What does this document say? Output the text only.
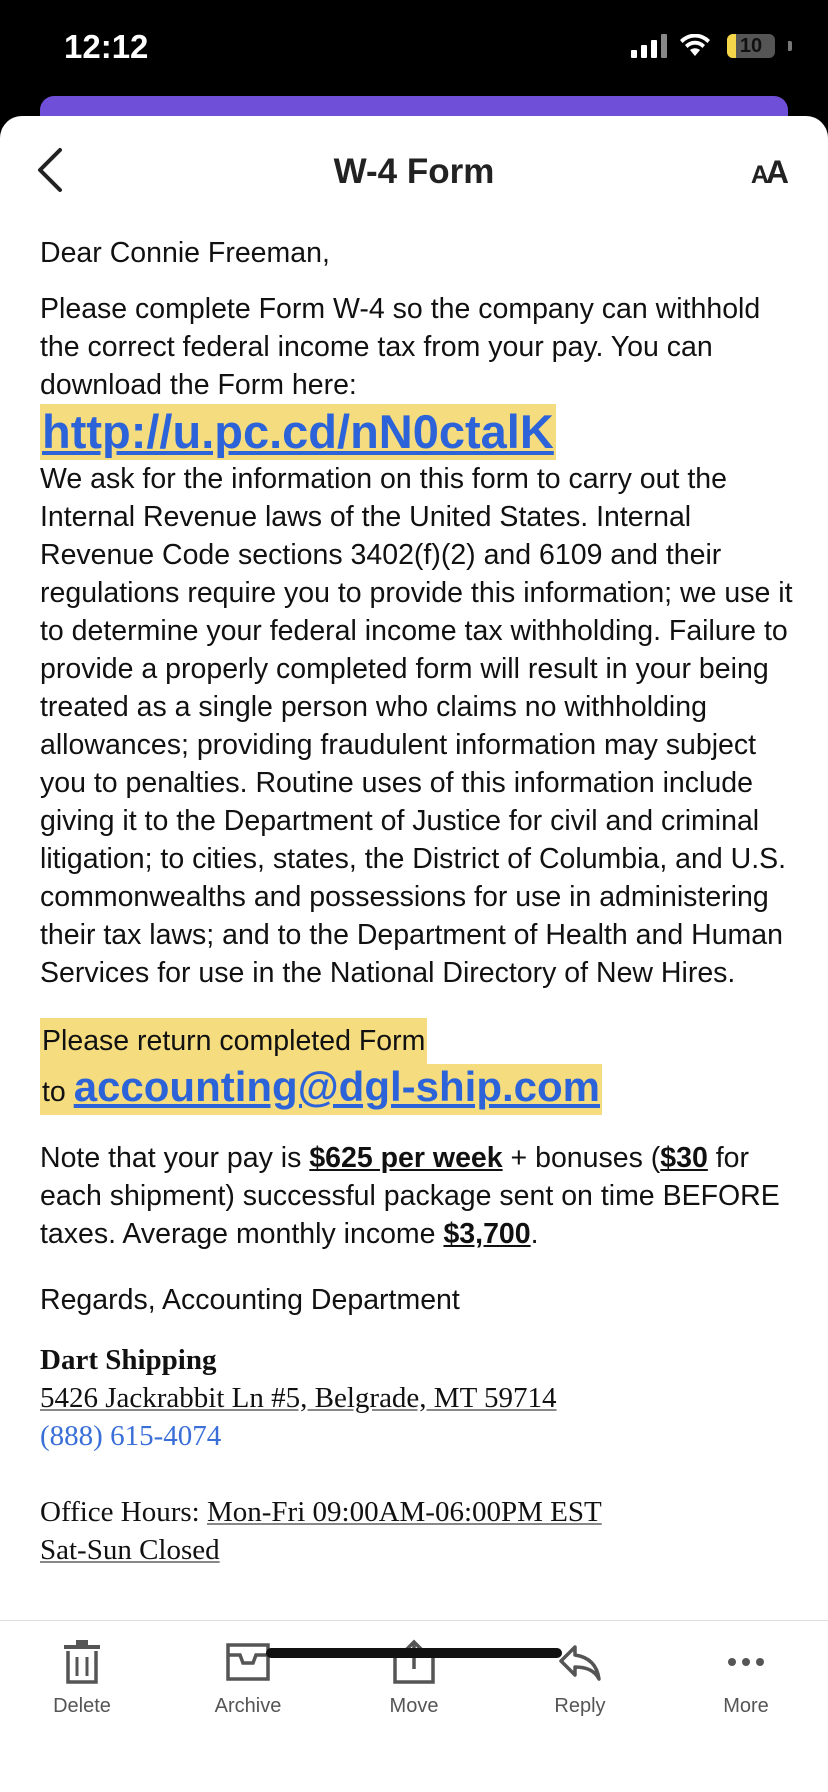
12:12	10
W-4 Form	AA

Dear Connie Freeman,

Please complete Form W-4 so the company can withhold the correct federal income tax from your pay. You can download the Form here:

http://u.pc.cd/nN0ctalK

We ask for the information on this form to carry out the Internal Revenue laws of the United States. Internal Revenue Code sections 3402(f)(2) and 6109 and their regulations require you to provide this information; we use it to determine your federal income tax withholding. Failure to provide a properly completed form will result in your being treated as a single person who claims no withholding allowances; providing fraudulent information may subject you to penalties. Routine uses of this information include giving it to the Department of Justice for civil and criminal litigation; to cities, states, the District of Columbia, and U.S. commonwealths and possessions for use in administering their tax laws; and to the Department of Health and Human Services for use in the National Directory of New Hires.

Please return completed Form
to accounting@dgl-ship.com

Note that your pay is $625 per week + bonuses ($30 for each shipment) successful package sent on time BEFORE taxes. Average monthly income $3,700.

Regards, Accounting Department

Dart Shipping
5426 Jackrabbit Ln #5, Belgrade, MT 59714
(888) 615-4074

Office Hours: Mon-Fri 09:00AM-06:00PM EST
Sat-Sun Closed

Delete	Archive	Move	Reply	More
